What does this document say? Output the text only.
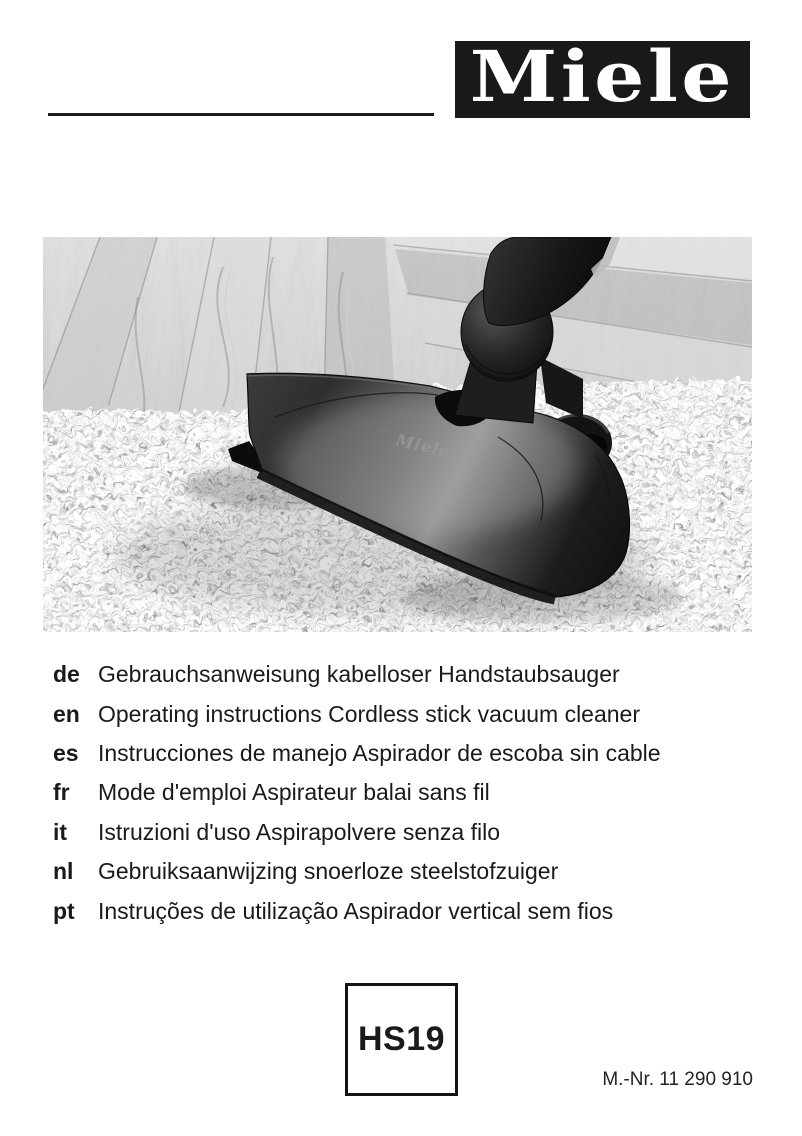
Miele
Miele
de Gebrauchsanweisung kabelloser Handstaubsauger
en Operating instructions Cordless stick vacuum cleaner
es Instrucciones de manejo Aspirador de escoba sin cable
fr	Mode d'emploi Aspirateur balai sans fil
it	Istruzioni d'uso Aspirapolvere senza filo
nl	Gebruiksaanwijzing snoerloze steelstofzuiger
pt	Instruções de utilização Aspirador vertical sem fios
HS19
M.-Nr. 11 290 910
